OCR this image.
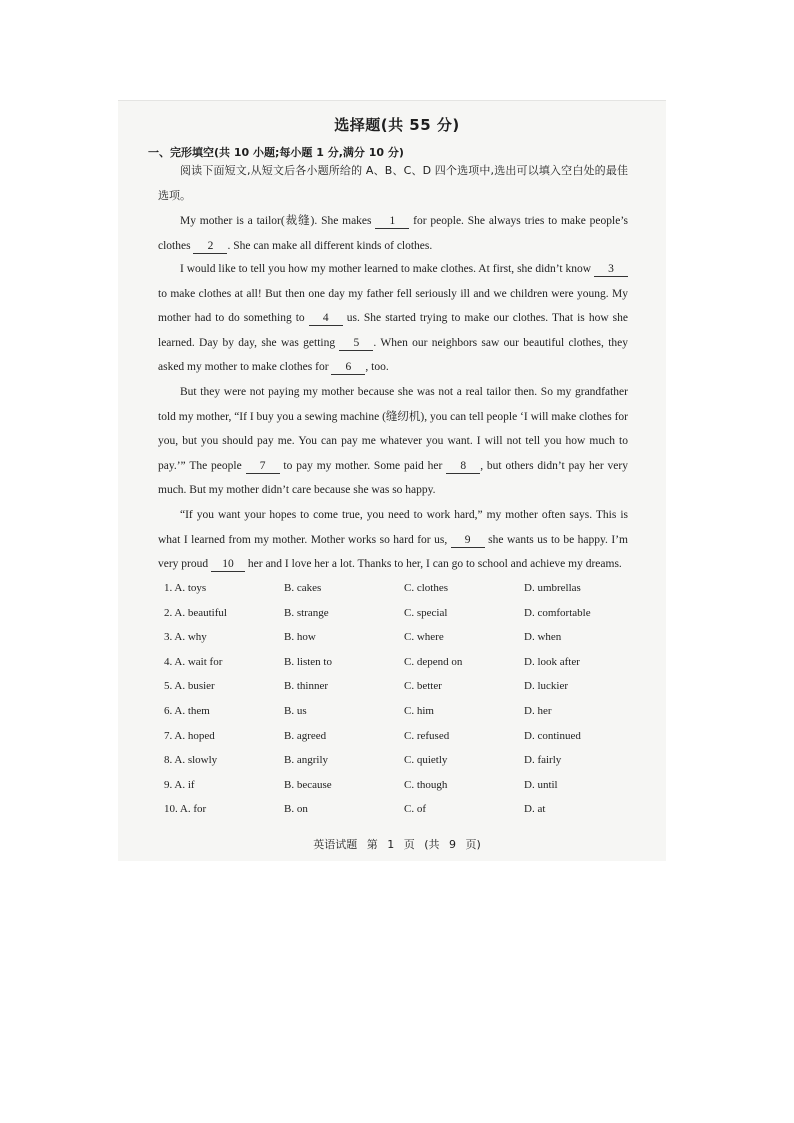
选择题(共 55 分)
一、完形填空(共 10 小题;每小题 1 分,满分 10 分)
阅读下面短文,从短文后各小题所给的 A、B、C、D 四个选项中,选出可以填入空白处的最佳选项。
My mother is a tailor(裁缝). She makes 1 for people. She always tries to make people’s clothes 2 . She can make all different kinds of clothes.
I would like to tell you how my mother learned to make clothes. At first, she didn’t know 3 to make clothes at all! But then one day my father fell seriously ill and we children were young. My mother had to do something to 4 us. She started trying to make our clothes. That is how she learned. Day by day, she was getting 5 . When our neighbors saw our beautiful clothes, they asked my mother to make clothes for 6 , too.
But they were not paying my mother because she was not a real tailor then. So my grandfather told my mother, “If I buy you a sewing machine (缝纫机), you can tell people ‘I will make clothes for you, but you should pay me. You can pay me whatever you want. I will not tell you how much to pay.’” The people 7 to pay my mother. Some paid her 8 , but others didn’t pay her very much. But my mother didn’t care because she was so happy.
“If you want your hopes to come true, you need to work hard,” my mother often says. This is what I learned from my mother. Mother works so hard for us, 9 she wants us to be happy. I’m very proud 10 her and I love her a lot. Thanks to her, I can go to school and achieve my dreams.
1. A. toys	B. cakes	C. clothes	D. umbrellas
2. A. beautiful	B. strange	C. special	D. comfortable
3. A. why	B. how	C. where	D. when
4. A. wait for	B. listen to	C. depend on	D. look after
5. A. busier	B. thinner	C. better	D. luckier
6. A. them	B. us	C. him	D. her
7. A. hoped	B. agreed	C. refused	D. continued
8. A. slowly	B. angrily	C. quietly	D. fairly
9. A. if	B. because	C. though	D. until
10. A. for	B. on	C. of	D. at
英语试题 第 1 页 (共 9 页)
